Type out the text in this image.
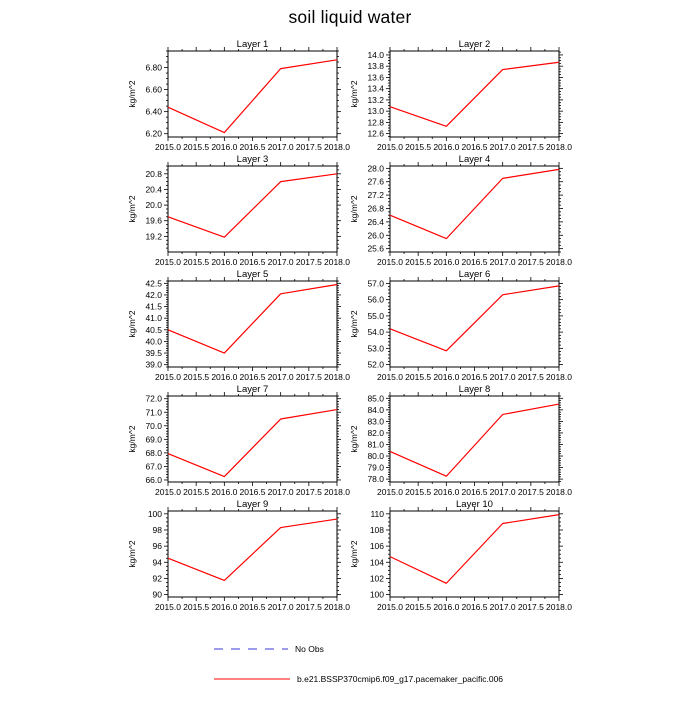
soil liquid water
2015.0 2015.5 2016.0 2016.5 2017.0 2017.5 2018.0
6.20
6.40
6.60
6.80
Layer 1
kg/m^2
2015.0 2015.5 2016.0 2016.5 2017.0 2017.5 2018.0
12.6
12.8
13.0
13.2
13.4
13.6
13.8
14.0
Layer 2
kg/m^2
2015.0 2015.5 2016.0 2016.5 2017.0 2017.5 2018.0
19.2
19.6
20.0
20.4
20.8
Layer 3
kg/m^2
2015.0 2015.5 2016.0 2016.5 2017.0 2017.5 2018.0
25.6
26.0
26.4
26.8
27.2
27.6
28.0
Layer 4
kg/m^2
2015.0 2015.5 2016.0 2016.5 2017.0 2017.5 2018.0
39.0
39.5
40.0
40.5
41.0
41.5
42.0
42.5
Layer 5
kg/m^2
2015.0 2015.5 2016.0 2016.5 2017.0 2017.5 2018.0
52.0
53.0
54.0
55.0
56.0
57.0
Layer 6
kg/m^2
2015.0 2015.5 2016.0 2016.5 2017.0 2017.5 2018.0
66.0
67.0
68.0
69.0
70.0
71.0
72.0
Layer 7
kg/m^2
2015.0 2015.5 2016.0 2016.5 2017.0 2017.5 2018.0
78.0
79.0
80.0
81.0
82.0
83.0
84.0
85.0
Layer 8
kg/m^2
2015.0 2015.5 2016.0 2016.5 2017.0 2017.5 2018.0
90
92
94
96
98
100
Layer 9
kg/m^2
2015.0 2015.5 2016.0 2016.5 2017.0 2017.5 2018.0
100
102
104
106
108
110
Layer 10
kg/m^2
No Obs
b.e21.BSSP370cmip6.f09_g17.pacemaker_pacific.006
